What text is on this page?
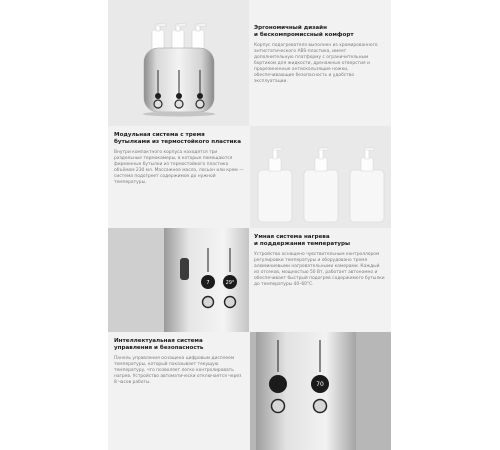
Эргономичный дизайн
и бескомпромиссный комфорт

Корпус подогревателя выполнен из хромированного антистатического ABS-пластика, имеет дополнительную платформу с ограничительным бортиком для жидкости, дренажные отверстия и прорезиненные антискользящие ножки, обеспечивающие безопасность и удобство эксплуатации.

Модульная система с тремя
бутылками из термостойкого пластика

Внутри компактного корпуса находятся три раздельные термокамеры, в которые помещаются фирменные бутылки из термостойкого пластика объёмом 230 мл. Массажное масло, лосьон или крем — система подогреет содержимое до нужной температуры.

7	29°

Умная система нагрева
и поддержания температуры

Устройство оснащено чувствительным контроллером регулировки температуры и оборудовано тремя алюминиевыми нагревательными камерами. Каждый из отсеков, мощностью 50 Вт, работает автономно и обеспечивает быстрый подогрев содержимого бутылки до температуры 40–60°C.

Интеллектуальная система
управления и безопасность

Панель управления оснащена цифровым дисплеем температуры, который показывает текущую температуру, что позволяет легко контролировать нагрев. Устройство автоматически отключается через 8 часов работы.	70
